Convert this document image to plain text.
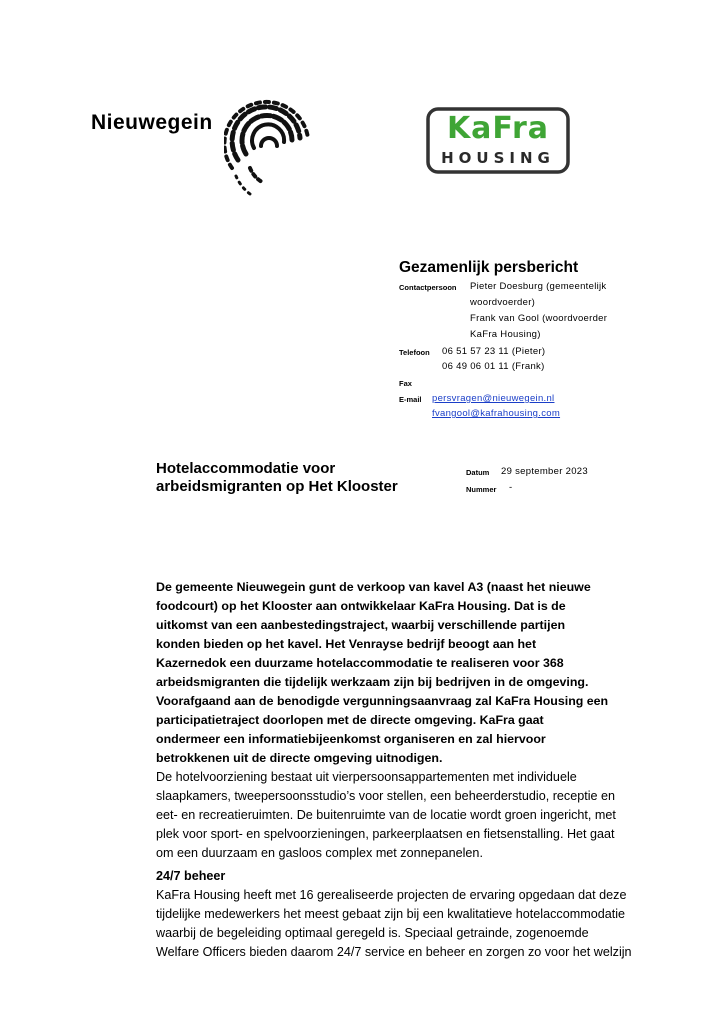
Nieuwegein	KaFra
HOUSING
Gezamenlijk persbericht
Contactpersoon Pieter Doesburg (gemeentelijk
woordvoerder)
Frank van Gool (woordvoerder
KaFra Housing)
Telefoon 06 51 57 23 11 (Pieter)
06 49 06 01 11 (Frank)
Fax
E-mail persvragen@nieuwegein.nl
fvangool@kafrahousing.com
Hotelaccommodatie voor
arbeidsmigranten op Het Klooster
Datum 29 september 2023
Nummer -
De gemeente Nieuwegein gunt de verkoop van kavel A3 (naast het nieuwe
foodcourt) op het Klooster aan ontwikkelaar KaFra Housing. Dat is de
uitkomst van een aanbestedingstraject, waarbij verschillende partijen
konden bieden op het kavel. Het Venrayse bedrijf beoogt aan het
Kazernedok een duurzame hotelaccommodatie te realiseren voor 368
arbeidsmigranten die tijdelijk werkzaam zijn bij bedrijven in de omgeving.
Voorafgaand aan de benodigde vergunningsaanvraag zal KaFra Housing een
participatietraject doorlopen met de directe omgeving. KaFra gaat
ondermeer een informatiebijeenkomst organiseren en zal hiervoor
betrokkenen uit de directe omgeving uitnodigen.
De hotelvoorziening bestaat uit vierpersoonsappartementen met individuele
slaapkamers, tweepersoonsstudio’s voor stellen, een beheerderstudio, receptie en
eet- en recreatieruimten. De buitenruimte van de locatie wordt groen ingericht, met
plek voor sport- en spelvoorzieningen, parkeerplaatsen en fietsenstalling. Het gaat
om een duurzaam en gasloos complex met zonnepanelen.
24/7 beheer
KaFra Housing heeft met 16 gerealiseerde projecten de ervaring opgedaan dat deze
tijdelijke medewerkers het meest gebaat zijn bij een kwalitatieve hotelaccommodatie
waarbij de begeleiding optimaal geregeld is. Speciaal getrainde, zogenoemde
Welfare Officers bieden daarom 24/7 service en beheer en zorgen zo voor het welzijn
